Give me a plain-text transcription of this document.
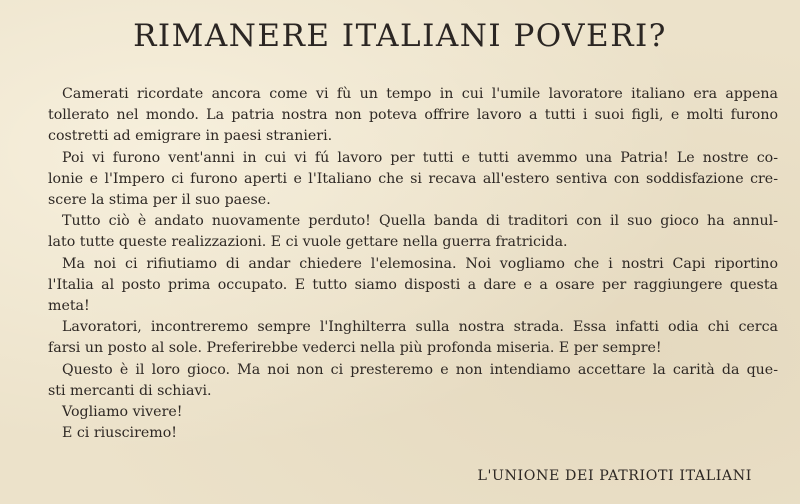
RIMANERE ITALIANI POVERI?
Camerati ricordate ancora come vi fù un tempo in cui l'umile lavoratore italiano era appena
tollerato nel mondo. La patria nostra non poteva offrire lavoro a tutti i suoi figli, e molti furono
costretti ad emigrare in paesi stranieri.
Poi vi furono vent'anni in cui vi fú lavoro per tutti e tutti avemmo una Patria! Le nostre co-
lonie e l'Impero ci furono aperti e l'Italiano che si recava all'estero sentiva con soddisfazione cre-
scere la stima per il suo paese.
Tutto ciò è andato nuovamente perduto! Quella banda di traditori con il suo gioco ha annul-
lato tutte queste realizzazioni. E ci vuole gettare nella guerra fratricida.
Ma noi ci rifiutiamo di andar chiedere l'elemosina. Noi vogliamo che i nostri Capi riportino
l'Italia al posto prima occupato. E tutto siamo disposti a dare e a osare per raggiungere questa
meta!
Lavoratori, incontreremo sempre l'Inghilterra sulla nostra strada. Essa infatti odia chi cerca
farsi un posto al sole. Preferirebbe vederci nella più profonda miseria. E per sempre!
Questo è il loro gioco. Ma noi non ci presteremo e non intendiamo accettare la carità da que-
sti mercanti di schiavi.
Vogliamo vivere!
E ci riusciremo!
L'UNIONE DEI PATRIOTI ITALIANI
